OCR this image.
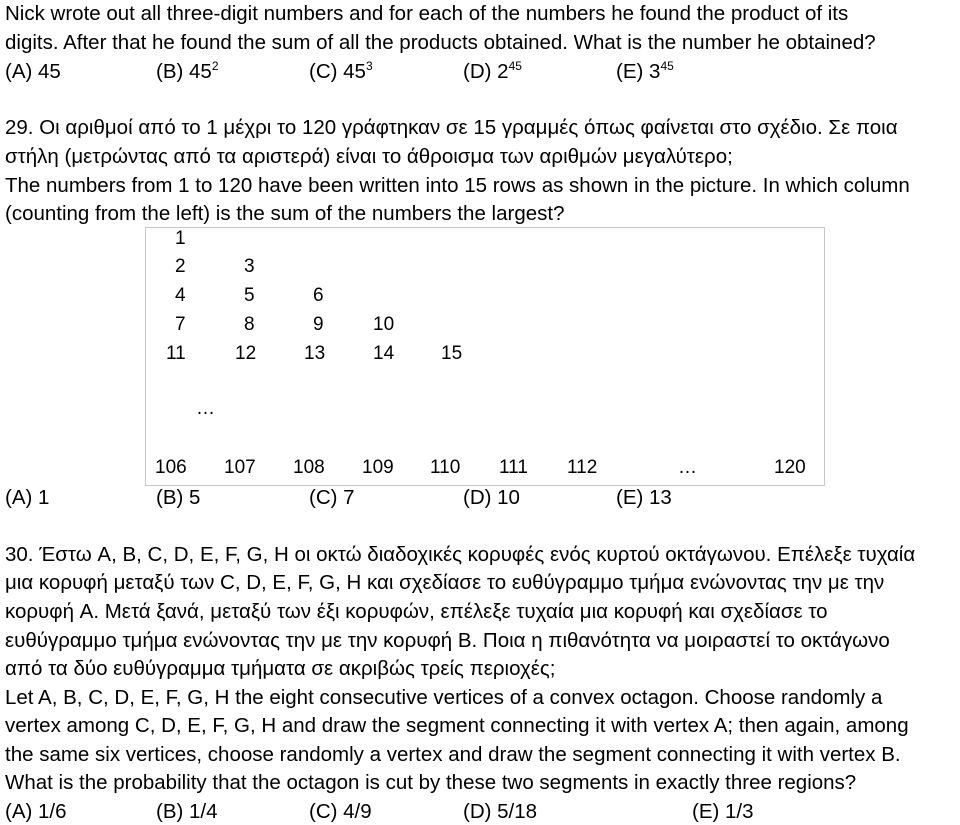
Nick wrote out all three-digit numbers and for each of the numbers he found the product of its
digits. After that he found the sum of all the products obtained. What is the number he obtained?
(A) 45	(B) $45^2$	(C) $45^3$	(D) $2^{45}$	(E) $3^{45}$
29. Οι αριθμοί από το 1 μέχρι το 120 γράφτηκαν σε 15 γραμμές όπως φαίνεται στο σχέδιο. Σε ποια
στήλη (μετρώντας από τα αριστερά) είναι το άθροισμα των αριθμών μεγαλύτερο;
The numbers from 1 to 120 have been written into 15 rows as shown in the picture. In which column
(counting from the left) is the sum of the numbers the largest?
1
2	3
4	5	6
7	8	9	10
11	12	13	14 15
…
106 107 108 109 110 111 112	…	120
(A) 1	(B) 5	(C) 7	(D) 10	(E) 13
30. Έστω A, B, C, D, E, F, G, H οι οκτώ διαδοχικές κορυφές ενός κυρτού οκτάγωνου. Επέλεξε τυχαία
μια κορυφή μεταξύ των C, D, E, F, G, H και σχεδίασε το ευθύγραμμο τμήμα ενώνοντας την με την
κορυφή A. Μετά ξανά, μεταξύ των έξι κορυφών, επέλεξε τυχαία μια κορυφή και σχεδίασε το
ευθύγραμμο τμήμα ενώνοντας την με την κορυφή B. Ποια η πιθανότητα να μοιραστεί το οκτάγωνο
από τα δύο ευθύγραμμα τμήματα σε ακριβώς τρείς περιοχές;
Let A, B, C, D, E, F, G, H the eight consecutive vertices of a convex octagon. Choose randomly a
vertex among C, D, E, F, G, H and draw the segment connecting it with vertex A; then again, among
the same six vertices, choose randomly a vertex and draw the segment connecting it with vertex B.
What is the probability that the octagon is cut by these two segments in exactly three regions?
(A) 1/6	(B) 1/4	(C) 4/9	(D) 5/18	(E) 1/3
